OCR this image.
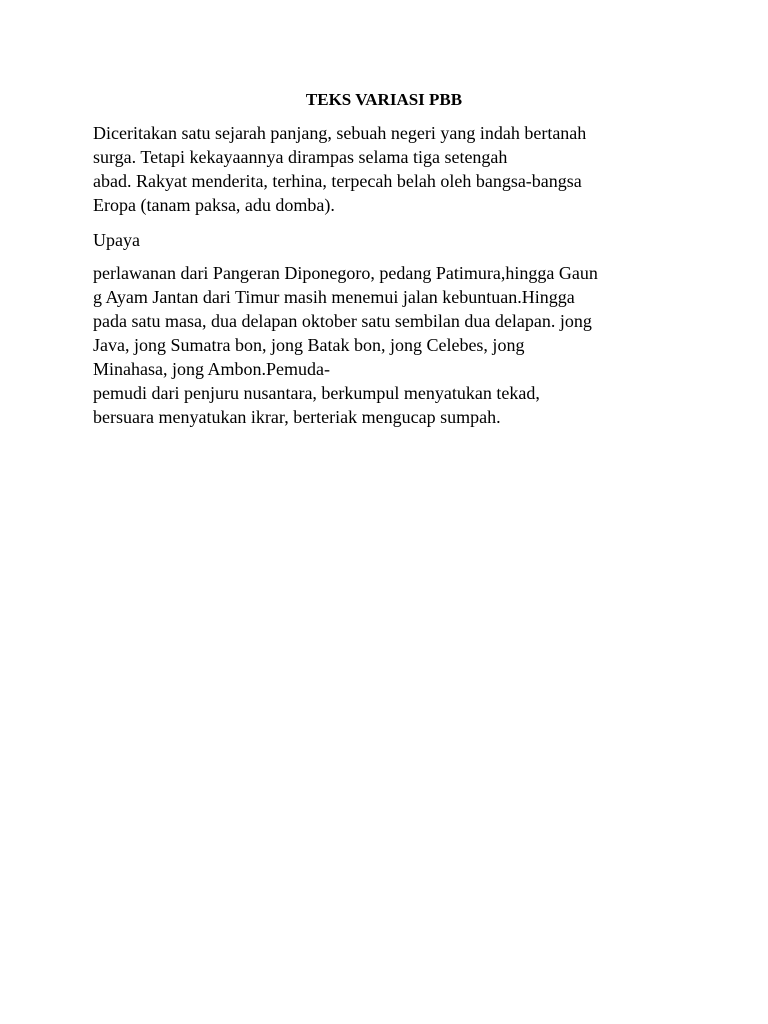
TEKS VARIASI PBB

Diceritakan satu sejarah panjang, sebuah negeri yang indah bertanah

surga. Tetapi kekayaannya dirampas selama tiga setengah

abad. Rakyat menderita, terhina, terpecah belah oleh bangsa-bangsa

Eropa (tanam paksa, adu domba).

Upaya

perlawanan dari Pangeran Diponegoro, pedang Patimura,hingga Gaun

g Ayam Jantan dari Timur masih menemui jalan kebuntuan.Hingga

pada satu masa, dua delapan oktober satu sembilan dua delapan. jong

Java, jong Sumatra bon, jong Batak bon, jong Celebes, jong

Minahasa, jong Ambon.Pemuda-

pemudi dari penjuru nusantara, berkumpul menyatukan tekad,

bersuara menyatukan ikrar, berteriak mengucap sumpah.
